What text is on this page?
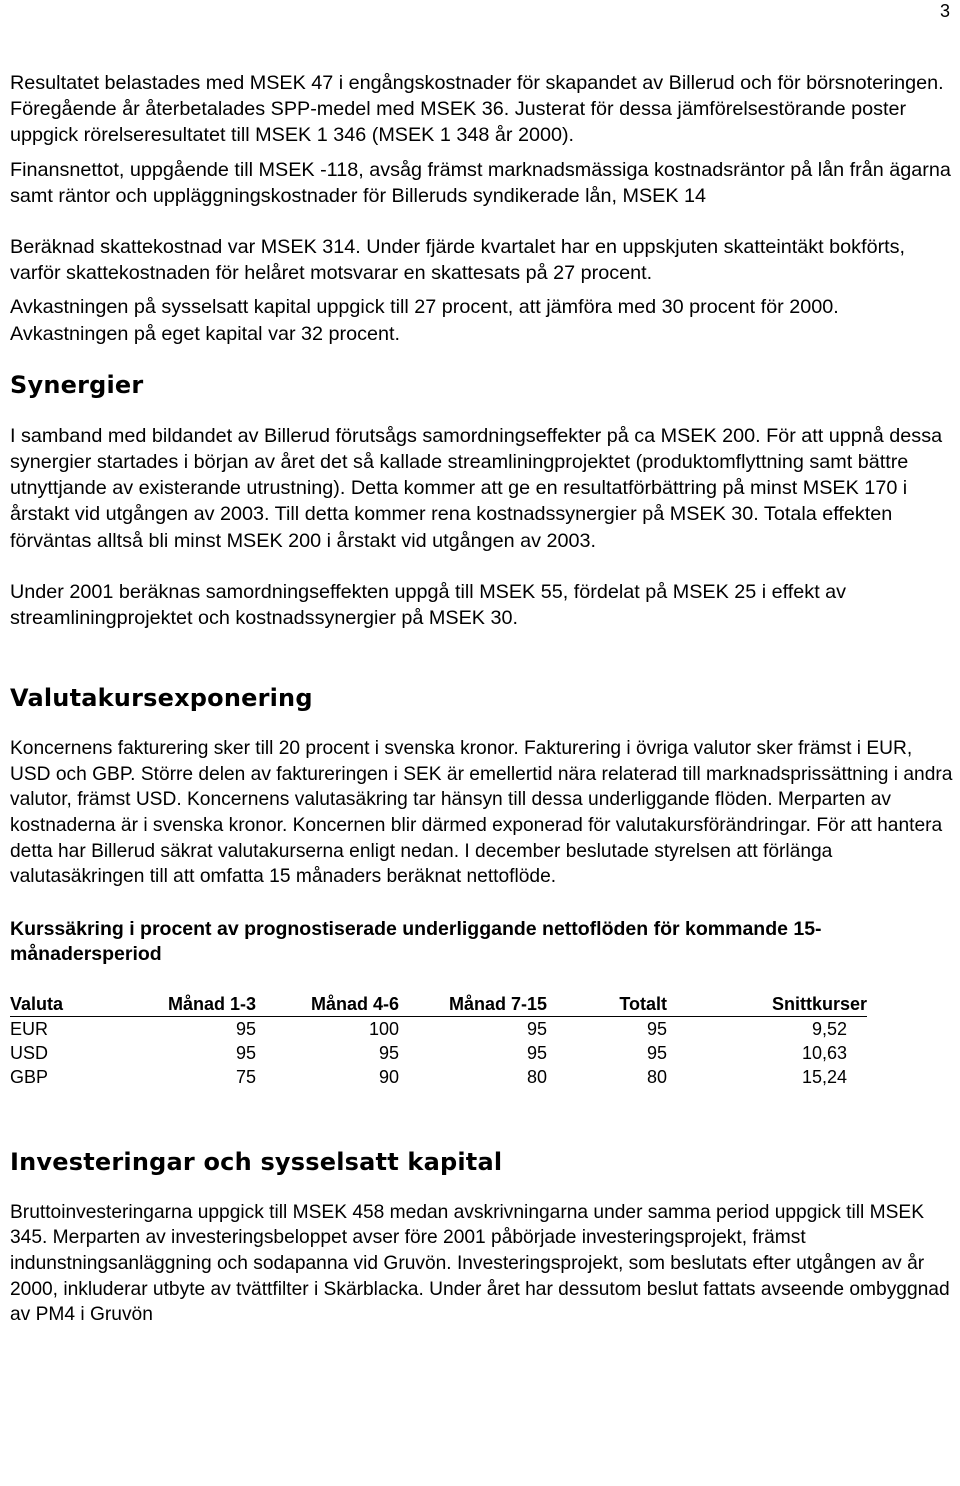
3

Resultatet belastades med MSEK 47 i engångskostnader för skapandet av Billerud och för börsnoteringen. Föregående år återbetalades SPP-medel med MSEK 36. Justerat för dessa jämförelsestörande poster uppgick rörelseresultatet till MSEK 1 346 (MSEK 1 348 år 2000).

Finansnettot, uppgående till MSEK -118, avsåg främst marknadsmässiga kostnadsräntor på lån från ägarna samt räntor och uppläggningskostnader för Billeruds syndikerade lån, MSEK 14

Beräknad skattekostnad var MSEK 314. Under fjärde kvartalet har en uppskjuten skatteintäkt bokförts, varför skattekostnaden för helåret motsvarar en skattesats på 27 procent.

Avkastningen på sysselsatt kapital uppgick till 27 procent, att jämföra med 30 procent för 2000. Avkastningen på eget kapital var 32 procent.

Synergier

I samband med bildandet av Billerud förutsågs samordningseffekter på ca MSEK 200. För att uppnå dessa synergier startades i början av året det så kallade streamliningprojektet (produktomflyttning samt bättre utnyttjande av existerande utrustning). Detta kommer att ge en resultatförbättring på minst MSEK 170 i årstakt vid utgången av 2003. Till detta kommer rena kostnadssynergier på MSEK 30. Totala effekten förväntas alltså bli minst MSEK 200 i årstakt vid utgången av 2003.

Under 2001 beräknas samordningseffekten uppgå till MSEK 55, fördelat på MSEK 25 i effekt av streamliningprojektet och kostnadssynergier på MSEK 30.

Valutakursexponering

Koncernens fakturering sker till 20 procent i svenska kronor. Fakturering i övriga valutor sker främst i EUR, USD och GBP. Större delen av faktureringen i SEK är emellertid nära relaterad till marknadsprissättning i andra valutor, främst USD. Koncernens valutasäkring tar hänsyn till dessa underliggande flöden. Merparten av kostnaderna är i svenska kronor. Koncernen blir därmed exponerad för valutakursförändringar. För att hantera detta har Billerud säkrat valutakurserna enligt nedan. I december beslutade styrelsen att förlänga valutasäkringen till att omfatta 15 månaders beräknat nettoflöde.

Kurssäkring i procent av prognostiserade underliggande nettoflöden för kommande 15-månadersperiod
Valuta	Månad 1-3	Månad 4-6	Månad 7-15	Totalt	Snittkurser
EUR	95	100	95	95	9,52
USD	95	95	95	95	10,63
GBP	75	90	80	80	15,24
Investeringar och sysselsatt kapital

Bruttoinvesteringarna uppgick till MSEK 458 medan avskrivningarna under samma period uppgick till MSEK 345. Merparten av investeringsbeloppet avser före 2001 påbörjade investeringsprojekt, främst indunstningsanläggning och sodapanna vid Gruvön. Investeringsprojekt, som beslutats efter utgången av år 2000, inkluderar utbyte av tvättfilter i Skärblacka. Under året har dessutom beslut fattats avseende ombyggnad av PM4 i Gruvön
